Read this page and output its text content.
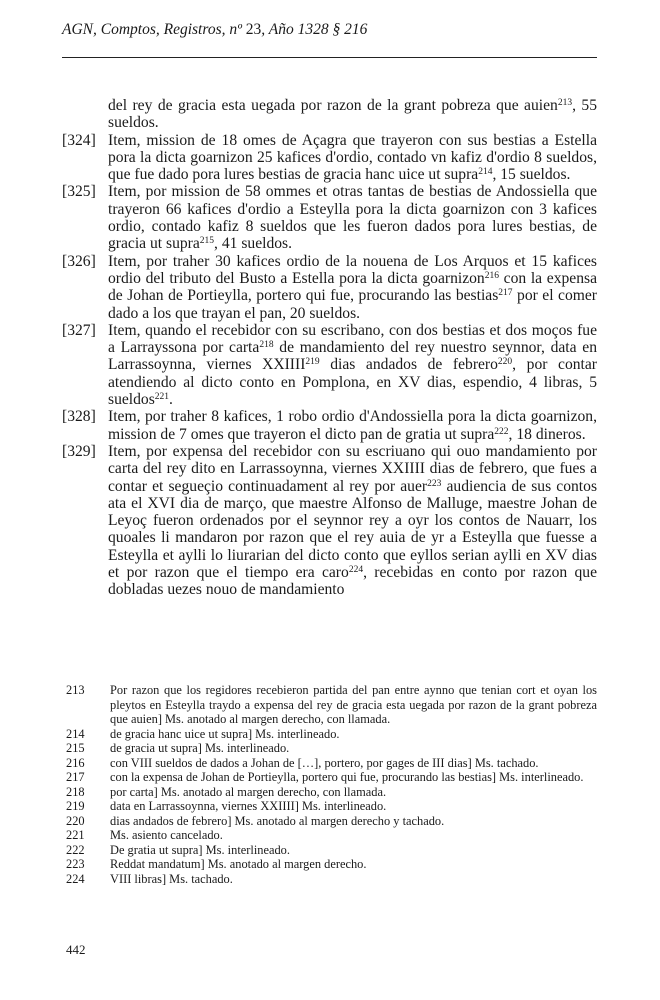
AGN, Comptos, Registros, nº 23, Año 1328 § 216
del rey de gracia esta uegada por razon de la grant pobreza que auien$^{213}$, 55 sueldos.
[324] Item, mission de 18 omes de Açagra que trayeron con sus bestias a Estella pora la dicta goarnizon 25 kafices d'ordio, contado vn kafiz d'ordio 8 sueldos, que fue dado pora lures bestias de gracia hanc uice ut supra$^{214}$, 15 sueldos.
[325] Item, por mission de 58 ommes et otras tantas de bestias de Andossiella que trayeron 66 kafices d'ordio a Esteylla pora la dicta goarnizon con 3 kafices ordio, contado kafiz 8 sueldos que les fueron dados pora lures bestias, de gracia ut supra$^{215}$, 41 sueldos.
[326] Item, por traher 30 kafices ordio de la nouena de Los Arquos et 15 kafices ordio del tributo del Busto a Estella pora la dicta goarnizon$^{216}$ con la expensa de Johan de Portieylla, portero qui fue, procurando las bestias$^{217}$ por el comer dado a los que trayan el pan, 20 sueldos.
[327] Item, quando el recebidor con su escribano, con dos bestias et dos moços fue a Larrayssona por carta$^{218}$ de mandamiento del rey nuestro seynnor, data en Larrassoynna, viernes XXIIII$^{219}$ dias andados de febrero$^{220}$, por contar atendiendo al dicto conto en Pomplona, en XV dias, espendio, 4 libras, 5 sueldos$^{221}$.
[328] Item, por traher 8 kafices, 1 robo ordio d'Andossiella pora la dicta goarnizon, mission de 7 omes que trayeron el dicto pan de gratia ut supra$^{222}$, 18 dineros.
[329] Item, por expensa del recebidor con su escriuano qui ouo mandamiento por carta del rey dito en Larrassoynna, viernes XXIIII dias de febrero, que fues a contar et segueçio continuadament al rey por auer$^{223}$ audiencia de sus contos ata el XVI dia de março, que maestre Alfonso de Malluge, maestre Johan de Leyoç fueron ordenados por el seynnor rey a oyr los contos de Nauarr, los quoales li mandaron por razon que el rey auia de yr a Esteylla que fuesse a Esteylla et aylli lo liurarian del dicto conto que eyllos serian aylli en XV dias et por razon que el tiempo era caro$^{224}$, recebidas en conto por razon que dobladas uezes nouo de mandamiento
213 Por razon que los regidores recebieron partida del pan entre aynno que tenian cort et oyan los pleytos en Esteylla traydo a expensa del rey de gracia esta uegada por razon de la grant pobreza que auien] Ms. anotado al margen derecho, con llamada.
214 de gracia hanc uice ut supra] Ms. interlineado.
215 de gracia ut supra] Ms. interlineado.
216 con VIII sueldos de dados a Johan de […], portero, por gages de III dias] Ms. tachado.
217 con la expensa de Johan de Portieylla, portero qui fue, procurando las bestias] Ms. interlineado.
218 por carta] Ms. anotado al margen derecho, con llamada.
219 data en Larrassoynna, viernes XXIIII] Ms. interlineado.
220 dias andados de febrero] Ms. anotado al margen derecho y tachado.
221 Ms. asiento cancelado.
222 De gratia ut supra] Ms. interlineado.
223 Reddat mandatum] Ms. anotado al margen derecho.
224 VIII libras] Ms. tachado.
442
